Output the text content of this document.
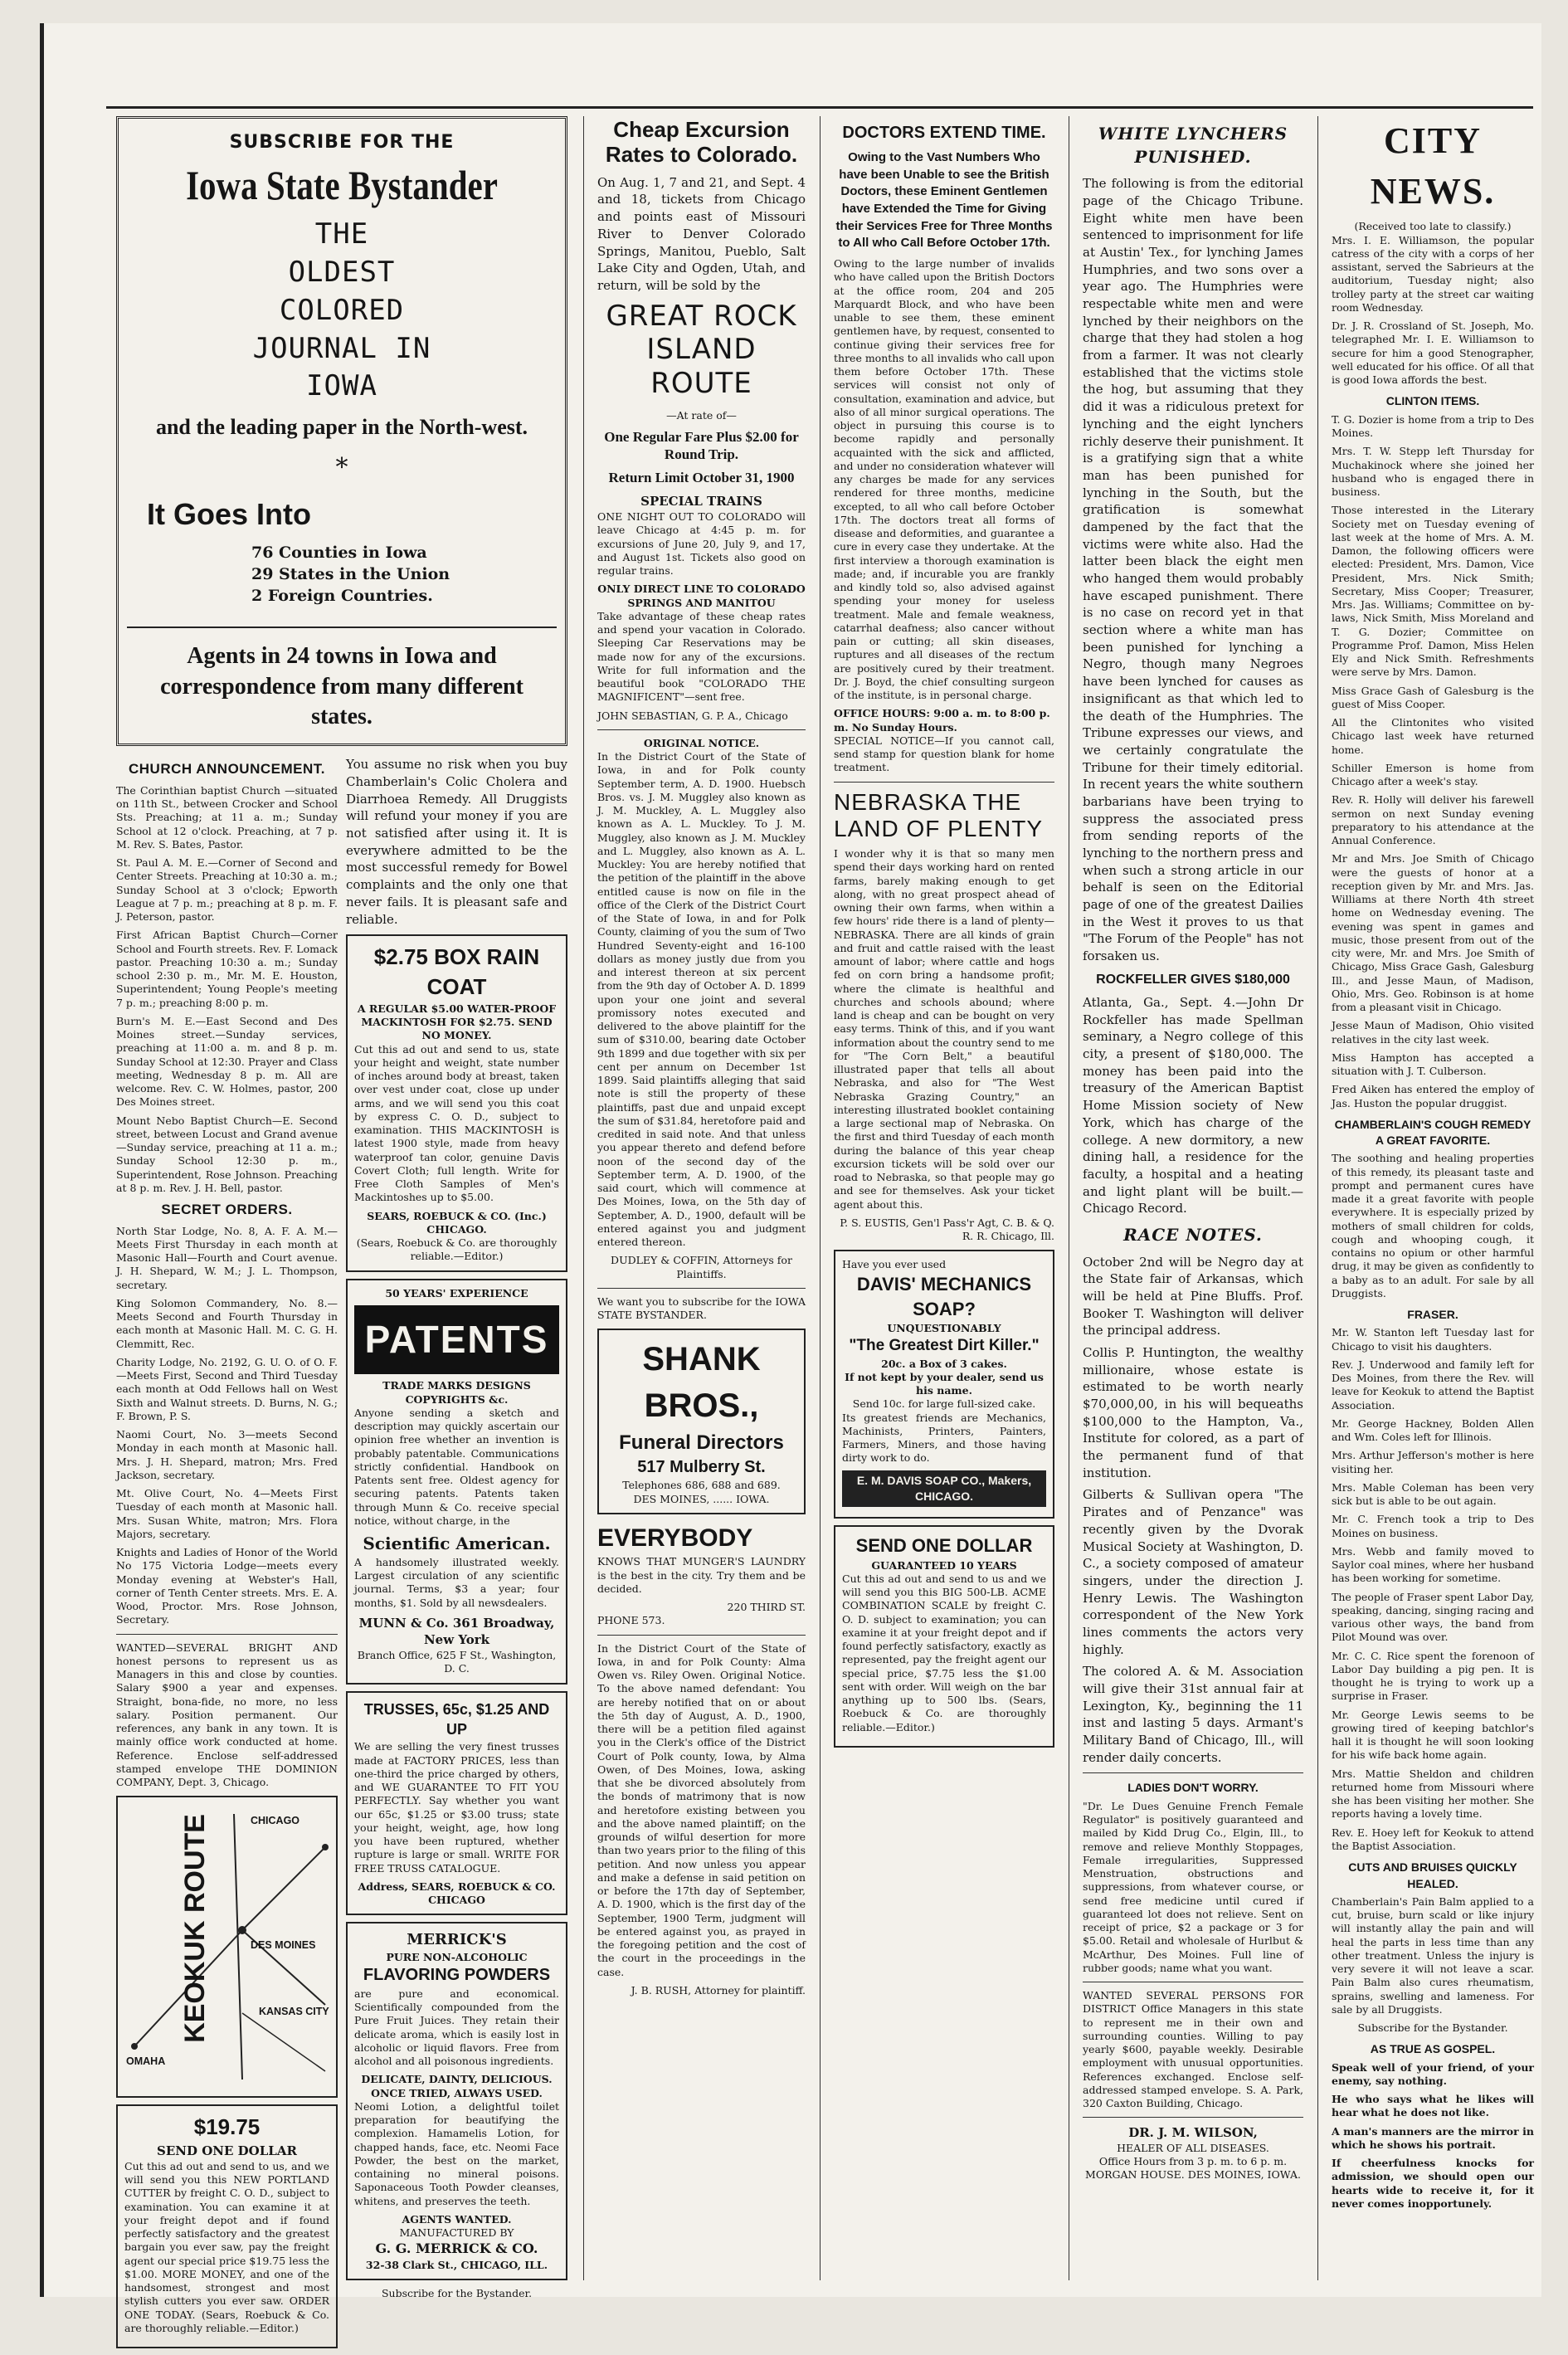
SUBSCRIBE FOR THE
Iowa State Bystander
THE
OLDEST
COLORED
JOURNAL IN
IOWA
and the leading paper in the North-west.
*
It Goes Into
76 Counties in Iowa
29 States in the Union
2 Foreign Countries.
Agents in 24 towns in Iowa and correspondence from many different states.
CHURCH ANNOUNCEMENT.

The Corinthian baptist Church —situated on 11th St., between Crocker and School Sts. Preaching; at 11 a. m.; Sunday School at 12 o'clock. Preaching, at 7 p. M. Rev. S. Bates, Pastor.

St. Paul A. M. E.—Corner of Second and Center Streets. Preaching at 10:30 a. m.; Sunday School at 3 o'clock; Epworth League at 7 p. m.; preaching at 8 p. m. F. J. Peterson, pastor.

First African Baptist Church—Corner School and Fourth streets. Rev. F. Lomack pastor. Preaching 10:30 a. m.; Sunday school 2:30 p. m., Mr. M. E. Houston, Superintendent; Young People's meeting 7 p. m.; preaching 8:00 p. m.

Burn's M. E.—East Second and Des Moines street.—Sunday services, preaching at 11:00 a. m. and 8 p. m. Sunday School at 12:30. Prayer and Class meeting, Wednesday 8 p. m. All are welcome. Rev. C. W. Holmes, pastor, 200 Des Moines street.

Mount Nebo Baptist Church—E. Second street, between Locust and Grand avenue—Sunday service, preaching at 11 a. m.; Sunday School 12:30 p. m., Superintendent, Rose Johnson. Preaching at 8 p. m. Rev. J. H. Bell, pastor.

SECRET ORDERS.

North Star Lodge, No. 8, A. F. A. M.—Meets First Thursday in each month at Masonic Hall—Fourth and Court avenue. J. H. Shepard, W. M.; J. L. Thompson, secretary.

King Solomon Commandery, No. 8.—Meets Second and Fourth Thursday in each month at Masonic Hall. M. C. G. H. Clemmitt, Rec.

Charity Lodge, No. 2192, G. U. O. of O. F.—Meets First, Second and Third Tuesday each month at Odd Fellows hall on West Sixth and Walnut streets. D. Burns, N. G.; F. Brown, P. S.

Naomi Court, No. 3—meets Second Monday in each month at Masonic hall. Mrs. J. H. Shepard, matron; Mrs. Fred Jackson, secretary.

Mt. Olive Court, No. 4—Meets First Tuesday of each month at Masonic hall. Mrs. Susan White, matron; Mrs. Flora Majors, secretary.

Knights and Ladies of Honor of the World No 175 Victoria Lodge—meets every Monday evening at Webster's Hall, corner of Tenth Center streets. Mrs. E. A. Wood, Proctor. Mrs. Rose Johnson, Secretary.

WANTED—SEVERAL BRIGHT AND honest persons to represent us as Managers in this and close by counties. Salary $900 a year and expenses. Straight, bona-fide, no more, no less salary. Position permanent. Our references, any bank in any town. It is mainly office work conducted at home. Reference. Enclose self-addressed stamped envelope THE DOMINION COMPANY, Dept. 3, Chicago.

KEOKUK ROUTE	CHICAGO
OMAHA
DES MOINES
KANSAS CITY
$19.75
SEND ONE DOLLAR

Cut this ad out and send to us, and we will send you this NEW PORTLAND CUTTER by freight C. O. D., subject to examination. You can examine it at your freight depot and if found perfectly satisfactory and the greatest bargain you ever saw, pay the freight agent our special price $19.75 less the $1.00. MORE MONEY, and one of the handsomest, strongest and most stylish cutters you ever saw. ORDER ONE TODAY. (Sears, Roebuck & Co. are thoroughly reliable.—Editor.)

You assume no risk when you buy Chamberlain's Colic Cholera and Diarrhoea Remedy. All Druggists will refund your money if you are not satisfied after using it. It is everywhere admitted to be the most successful remedy for Bowel complaints and the only one that never fails. It is pleasant safe and reliable.

$2.75 BOX RAIN COAT
A REGULAR $5.00 WATER-PROOF MACKINTOSH FOR $2.75. SEND NO MONEY.

Cut this ad out and send to us, state your height and weight, state number of inches around body at breast, taken over vest under coat, close up under arms, and we will send you this coat by express C. O. D., subject to examination. THIS MACKINTOSH is latest 1900 style, made from heavy waterproof tan color, genuine Davis Covert Cloth; full length. Write for Free Cloth Samples of Men's Mackintoshes up to $5.00.

SEARS, ROEBUCK & CO. (Inc.) CHICAGO.
(Sears, Roebuck & Co. are thoroughly reliable.—Editor.)
50 YEARS' EXPERIENCE
PATENTS
TRADE MARKS DESIGNS COPYRIGHTS &c.

Anyone sending a sketch and description may quickly ascertain our opinion free whether an invention is probably patentable. Communications strictly confidential. Handbook on Patents sent free. Oldest agency for securing patents. Patents taken through Munn & Co. receive special notice, without charge, in the

Scientific American.

A handsomely illustrated weekly. Largest circulation of any scientific journal. Terms, $3 a year; four months, $1. Sold by all newsdealers.

MUNN & Co. 361 Broadway, New York
Branch Office, 625 F St., Washington, D. C.
TRUSSES, 65c, $1.25 AND UP

We are selling the very finest trusses made at FACTORY PRICES, less than one-third the price charged by others, and WE GUARANTEE TO FIT YOU PERFECTLY. Say whether you want our 65c, $1.25 or $3.00 truss; state your height, weight, age, how long you have been ruptured, whether rupture is large or small. WRITE FOR FREE TRUSS CATALOGUE.

Address, SEARS, ROEBUCK & CO. CHICAGO
MERRICK'S
PURE NON-ALCOHOLIC
FLAVORING POWDERS

are pure and economical. Scientifically compounded from the Pure Fruit Juices. They retain their delicate aroma, which is easily lost in alcoholic or liquid flavors. Free from alcohol and all poisonous ingredients.

DELICATE, DAINTY, DELICIOUS.
ONCE TRIED, ALWAYS USED.

Neomi Lotion, a delightful toilet preparation for beautifying the complexion. Hamamelis Lotion, for chapped hands, face, etc. Neomi Face Powder, the best on the market, containing no mineral poisons. Saponaceous Tooth Powder cleanses, whitens, and preserves the teeth.

AGENTS WANTED.
MANUFACTURED BY
G. G. MERRICK & CO.
32-38 Clark St., CHICAGO, ILL.
Subscribe for the Bystander.
Cheap Excursion Rates to Colorado.

On Aug. 1, 7 and 21, and Sept. 4 and 18, tickets from Chicago and points east of Missouri River to Denver Colorado Springs, Manitou, Pueblo, Salt Lake City and Ogden, Utah, and return, will be sold by the

GREAT ROCK ISLAND ROUTE
—At rate of—
One Regular Fare Plus $2.00 for Round Trip.
Return Limit October 31, 1900
SPECIAL TRAINS

ONE NIGHT OUT TO COLORADO will leave Chicago at 4:45 p. m. for excursions of June 20, July 9, and 17, and August 1st. Tickets also good on regular trains.

ONLY DIRECT LINE TO COLORADO SPRINGS AND MANITOU

Take advantage of these cheap rates and spend your vacation in Colorado. Sleeping Car Reservations may be made now for any of the excursions. Write for full information and the beautiful book "COLORADO THE MAGNIFICENT"—sent free.

JOHN SEBASTIAN, G. P. A., Chicago
ORIGINAL NOTICE.

In the District Court of the State of Iowa, in and for Polk county September term, A. D. 1900. Huebsch Bros. vs. J. M. Muggley also known as J. M. Muckley, A. L. Muggley also known as A. L. Muckley. To J. M. Muggley, also known as J. M. Muckley and L. Muggley, also known as A. L. Muckley: You are hereby notified that the petition of the plaintiff in the above entitled cause is now on file in the office of the Clerk of the District Court of the State of Iowa, in and for Polk County, claiming of you the sum of Two Hundred Seventy-eight and 16-100 dollars as money justly due from you and interest thereon at six percent from the 9th day of October A. D. 1899 upon your one joint and several promissory notes executed and delivered to the above plaintiff for the sum of $310.00, bearing date October 9th 1899 and due together with six per cent per annum on December 1st 1899. Said plaintiffs alleging that said note is still the property of these plaintiffs, past due and unpaid except the sum of $31.84, heretofore paid and credited in said note. And that unless you appear thereto and defend before noon of the second day of the September term, A. D. 1900, of the said court, which will commence at Des Moines, Iowa, on the 5th day of September, A. D., 1900, default will be entered against you and judgment entered thereon.

DUDLEY & COFFIN, Attorneys for Plaintiffs.

We want you to subscribe for the IOWA STATE BYSTANDER.

SHANK BROS.,
Funeral Directors
517 Mulberry St.
Telephones 686, 688 and 689.
DES MOINES, ...... IOWA.
EVERYBODY

KNOWS THAT MUNGER'S LAUNDRY is the best in the city. Try them and be decided.

220 THIRD ST.
PHONE 573.

In the District Court of the State of Iowa, in and for Polk County: Alma Owen vs. Riley Owen. Original Notice. To the above named defendant: You are hereby notified that on or about the 5th day of August, A. D., 1900, there will be a petition filed against you in the Clerk's office of the District Court of Polk county, Iowa, by Alma Owen, of Des Moines, Iowa, asking that she be divorced absolutely from the bonds of matrimony that is now and heretofore existing between you and the above named plaintiff; on the grounds of wilful desertion for more than two years prior to the filing of this petition. And now unless you appear and make a defense in said petition on or before the 17th day of September, A. D. 1900, which is the first day of the September, 1900 Term, judgment will be entered against you, as prayed in the foregoing petition and the cost of the court in the proceedings in the case.

J. B. RUSH, Attorney for plaintiff.
DOCTORS EXTEND TIME.
Owing to the Vast Numbers Who have been Unable to see the British Doctors, these Eminent Gentlemen have Extended the Time for Giving their Services Free for Three Months to All who Call Before October 17th.

Owing to the large number of invalids who have called upon the British Doctors at the office room, 204 and 205 Marquardt Block, and who have been unable to see them, these eminent gentlemen have, by request, consented to continue giving their services free for three months to all invalids who call upon them before October 17th. These services will consist not only of consultation, examination and advice, but also of all minor surgical operations. The object in pursuing this course is to become rapidly and personally acquainted with the sick and afflicted, and under no consideration whatever will any charges be made for any services rendered for three months, medicine excepted, to all who call before October 17th. The doctors treat all forms of disease and deformities, and guarantee a cure in every case they undertake. At the first interview a thorough examination is made; and, if incurable you are frankly and kindly told so, also advised against spending your money for useless treatment. Male and female weakness, catarrhal deafness; also cancer without pain or cutting; all skin diseases, ruptures and all diseases of the rectum are positively cured by their treatment. Dr. J. Boyd, the chief consulting surgeon of the institute, is in personal charge.

OFFICE HOURS: 9:00 a. m. to 8:00 p. m. No Sunday Hours.

SPECIAL NOTICE—If you cannot call, send stamp for question blank for home treatment.

NEBRASKA THE LAND OF PLENTY

I wonder why it is that so many men spend their days working hard on rented farms, barely making enough to get along, with no great prospect ahead of owning their own farms, when within a few hours' ride there is a land of plenty—NEBRASKA. There are all kinds of grain and fruit and cattle raised with the least amount of labor; where cattle and hogs fed on corn bring a handsome profit; where the climate is healthful and churches and schools abound; where land is cheap and can be bought on very easy terms. Think of this, and if you want information about the country send to me for "The Corn Belt," a beautiful illustrated paper that tells all about Nebraska, and also for "The West Nebraska Grazing Country," an interesting illustrated booklet containing a large sectional map of Nebraska. On the first and third Tuesday of each month during the balance of this year cheap excursion tickets will be sold over our road to Nebraska, so that people may go and see for themselves. Ask your ticket agent about this.

P. S. EUSTIS, Gen'l Pass'r Agt, C. B. & Q. R. R. Chicago, Ill.
Have you ever used
DAVIS' MECHANICS SOAP?
UNQUESTIONABLY
"The Greatest Dirt Killer."
20c. a Box of 3 cakes.
If not kept by your dealer, send us his name.
Send 10c. for large full-sized cake.

Its greatest friends are Mechanics, Machinists, Printers, Painters, Farmers, Miners, and those having dirty work to do.

E. M. DAVIS SOAP CO., Makers, CHICAGO.
SEND ONE DOLLAR
GUARANTEED 10 YEARS

Cut this ad out and send to us and we will send you this BIG 500-LB. ACME COMBINATION SCALE by freight C. O. D. subject to examination; you can examine it at your freight depot and if found perfectly satisfactory, exactly as represented, pay the freight agent our special price, $7.75 less the $1.00 sent with order. Will weigh on the bar anything up to 500 lbs. (Sears, Roebuck & Co. are thoroughly reliable.—Editor.)

WHITE LYNCHERS PUNISHED.

The following is from the editorial page of the Chicago Tribune. Eight white men have been sentenced to imprisonment for life at Austin' Tex., for lynching James Humphries, and two sons over a year ago. The Humphries were respectable white men and were lynched by their neighbors on the charge that they had stolen a hog from a farmer. It was not clearly established that the victims stole the hog, but assuming that they did it was a ridiculous pretext for lynching and the eight lynchers richly deserve their punishment. It is a gratifying sign that a white man has been punished for lynching in the South, but the gratification is somewhat dampened by the fact that the victims were white also. Had the latter been black the eight men who hanged them would probably have escaped punishment. There is no case on record yet in that section where a white man has been punished for lynching a Negro, though many Negroes have been lynched for causes as insignificant as that which led to the death of the Humphries. The Tribune expresses our views, and we certainly congratulate the Tribune for their timely editorial. In recent years the white southern barbarians have been trying to suppress the associated press from sending reports of the lynching to the northern press and when such a strong article in our behalf is seen on the Editorial page of one of the greatest Dailies in the West it proves to us that "The Forum of the People" has not forsaken us.

ROCKFELLER GIVES $180,000

Atlanta, Ga., Sept. 4.—John Dr Rockfeller has made Spellman seminary, a Negro college of this city, a present of $180,000. The money has been paid into the treasury of the American Baptist Home Mission society of New York, which has charge of the college. A new dormitory, a new dining hall, a residence for the faculty, a hospital and a heating and light plant will be built.—Chicago Record.

RACE NOTES.

October 2nd will be Negro day at the State fair of Arkansas, which will be held at Pine Bluffs. Prof. Booker T. Washington will deliver the principal address.

Collis P. Huntington, the wealthy millionaire, whose estate is estimated to be worth nearly $70,000,00, in his will bequeaths $100,000 to the Hampton, Va., Institute for colored, as a part of the permanent fund of that institution.

Gilberts & Sullivan opera "The Pirates and of Penzance" was recently given by the Dvorak Musical Society at Washington, D. C., a society composed of amateur singers, under the direction J. Henry Lewis. The Washington correspondent of the New York lines comments the actors very highly.

The colored A. & M. Association will give their 31st annual fair at Lexington, Ky., beginning the 11 inst and lasting 5 days. Armant's Military Band of Chicago, Ill., will render daily concerts.

LADIES DON'T WORRY.

"Dr. Le Dues Genuine French Female Regulator" is positively guaranteed and mailed by Kidd Drug Co., Elgin, Ill., to remove and relieve Monthly Stoppages, Female irregularities, Suppressed Menstruation, obstructions and suppressions, from whatever course, or send free medicine until cured if guaranteed lot does not relieve. Sent on receipt of price, $2 a package or 3 for $5.00. Retail and wholesale of Hurlbut & McArthur, Des Moines. Full line of rubber goods; name what you want.

WANTED SEVERAL PERSONS FOR DISTRICT Office Managers in this state to represent me in their own and surrounding counties. Willing to pay yearly $600, payable weekly. Desirable employment with unusual opportunities. References exchanged. Enclose self-addressed stamped envelope. S. A. Park, 320 Caxton Building, Chicago.

DR. J. M. WILSON,
HEALER OF ALL DISEASES.
Office Hours from 3 p. m. to 6 p. m.
MORGAN HOUSE. DES MOINES, IOWA.
CITY NEWS.
(Received too late to classify.)

Mrs. I. E. Williamson, the popular catress of the city with a corps of her assistant, served the Sabrieurs at the auditorium, Tuesday night; also trolley party at the street car waiting room Wednesday.

Dr. J. R. Crossland of St. Joseph, Mo. telegraphed Mr. I. E. Williamson to secure for him a good Stenographer, well educated for his office. Of all that is good Iowa affords the best.

CLINTON ITEMS.

T. G. Dozier is home from a trip to Des Moines.

Mrs. T. W. Stepp left Thursday for Muchakinock where she joined her husband who is engaged there in business.

Those interested in the Literary Society met on Tuesday evening of last week at the home of Mrs. A. M. Damon, the following officers were elected: President, Mrs. Damon, Vice President, Mrs. Nick Smith; Secretary, Miss Cooper; Treasurer, Mrs. Jas. Williams; Committee on by-laws, Nick Smith, Miss Moreland and T. G. Dozier; Committee on Programme Prof. Damon, Miss Helen Ely and Nick Smith. Refreshments were serve by Mrs. Damon.

Miss Grace Gash of Galesburg is the guest of Miss Cooper.

All the Clintonites who visited Chicago last week have returned home.

Schiller Emerson is home from Chicago after a week's stay.

Rev. R. Holly will deliver his farewell sermon on next Sunday evening preparatory to his attendance at the Annual Conference.

Mr and Mrs. Joe Smith of Chicago were the guests of honor at a reception given by Mr. and Mrs. Jas. Williams at there North 4th street home on Wednesday evening. The evening was spent in games and music, those present from out of the city were, Mr. and Mrs. Joe Smith of Chicago, Miss Grace Gash, Galesburg Ill., and Jesse Maun, of Madison, Ohio, Mrs. Geo. Robinson is at home from a pleasant visit in Chicago.

Jesse Maun of Madison, Ohio visited relatives in the city last week.

Miss Hampton has accepted a situation with J. T. Culberson.

Fred Aiken has entered the employ of Jas. Huston the popular druggist.

CHAMBERLAIN'S COUGH REMEDY A GREAT FAVORITE.

The soothing and healing properties of this remedy, its pleasant taste and prompt and permanent cures have made it a great favorite with people everywhere. It is especially prized by mothers of small children for colds, cough and whooping cough, it contains no opium or other harmful drug, it may be given as confidently to a baby as to an adult. For sale by all Druggists.

FRASER.

Mr. W. Stanton left Tuesday last for Chicago to visit his daughters.

Rev. J. Underwood and family left for Des Moines, from there the Rev. will leave for Keokuk to attend the Baptist Association.

Mr. George Hackney, Bolden Allen and Wm. Coles left for Illinois.

Mrs. Arthur Jefferson's mother is here visiting her.

Mrs. Mable Coleman has been very sick but is able to be out again.

Mr. C. French took a trip to Des Moines on business.

Mrs. Webb and family moved to Saylor coal mines, where her husband has been working for sometime.

The people of Fraser spent Labor Day, speaking, dancing, singing racing and various other ways, the band from Pilot Mound was over.

Mr. C. C. Rice spent the forenoon of Labor Day building a pig pen. It is thought he is trying to work up a surprise in Fraser.

Mr. George Lewis seems to be growing tired of keeping batchlor's hall it is thought he will soon looking for his wife back home again.

Mrs. Mattie Sheldon and children returned home from Missouri where she has been visiting her mother. She reports having a lovely time.

Rev. E. Hoey left for Keokuk to attend the Baptist Association.

CUTS AND BRUISES QUICKLY HEALED.

Chamberlain's Pain Balm applied to a cut, bruise, burn scald or like injury will instantly allay the pain and will heal the parts in less time than any other treatment. Unless the injury is very severe it will not leave a scar. Pain Balm also cures rheumatism, sprains, swelling and lameness. For sale by all Druggists.

Subscribe for the Bystander.
AS TRUE AS GOSPEL.

Speak well of your friend, of your enemy, say nothing.

He who says what he likes will hear what he does not like.

A man's manners are the mirror in which he shows his portrait.

If cheerfulness knocks for admission, we should open our hearts wide to receive it, for it never comes inopportunely.
